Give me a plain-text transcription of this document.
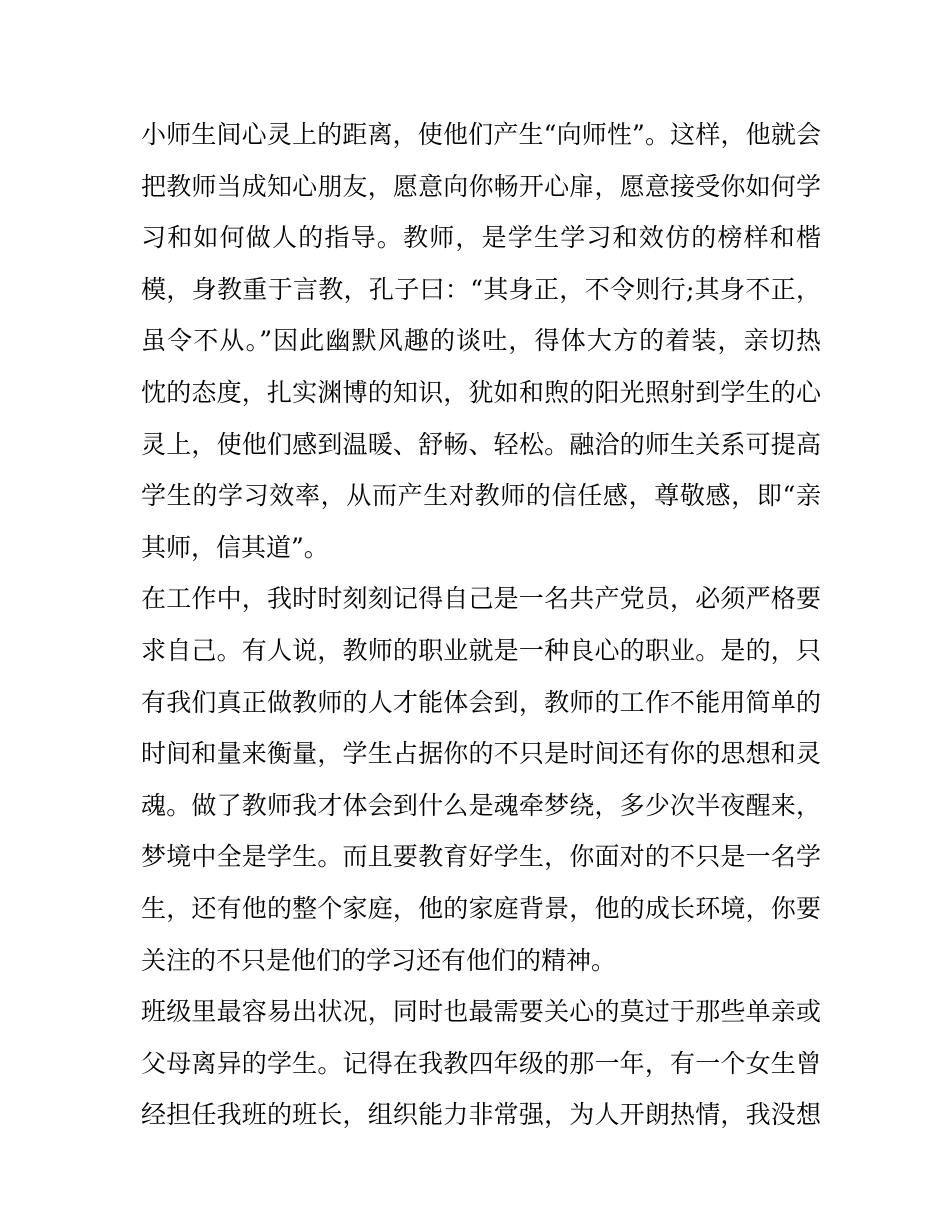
小师生间心灵上的距离，使他们产生“向师性”。这样，他就会
把教师当成知心朋友，愿意向你畅开心扉，愿意接受你如何学
习和如何做人的指导。教师，是学生学习和效仿的榜样和楷
模，身教重于言教，孔子曰：“其身正，不令则行;其身不正，
虽令不从。”因此幽默风趣的谈吐，得体大方的着装，亲切热
忱的态度，扎实渊博的知识，犹如和煦的阳光照射到学生的心
灵上，使他们感到温暖、舒畅、轻松。融洽的师生关系可提高
学生的学习效率，从而产生对教师的信任感，尊敬感，即“亲
其师，信其道”。
在工作中，我时时刻刻记得自己是一名共产党员，必须严格要
求自己。有人说，教师的职业就是一种良心的职业。是的，只
有我们真正做教师的人才能体会到，教师的工作不能用简单的
时间和量来衡量，学生占据你的不只是时间还有你的思想和灵
魂。做了教师我才体会到什么是魂牵梦绕，多少次半夜醒来，
梦境中全是学生。而且要教育好学生，你面对的不只是一名学
生，还有他的整个家庭，他的家庭背景，他的成长环境，你要
关注的不只是他们的学习还有他们的精神。
班级里最容易出状况，同时也最需要关心的莫过于那些单亲或
父母离异的学生。记得在我教四年级的那一年，有一个女生曾
经担任我班的班长，组织能力非常强，为人开朗热情，我没想
